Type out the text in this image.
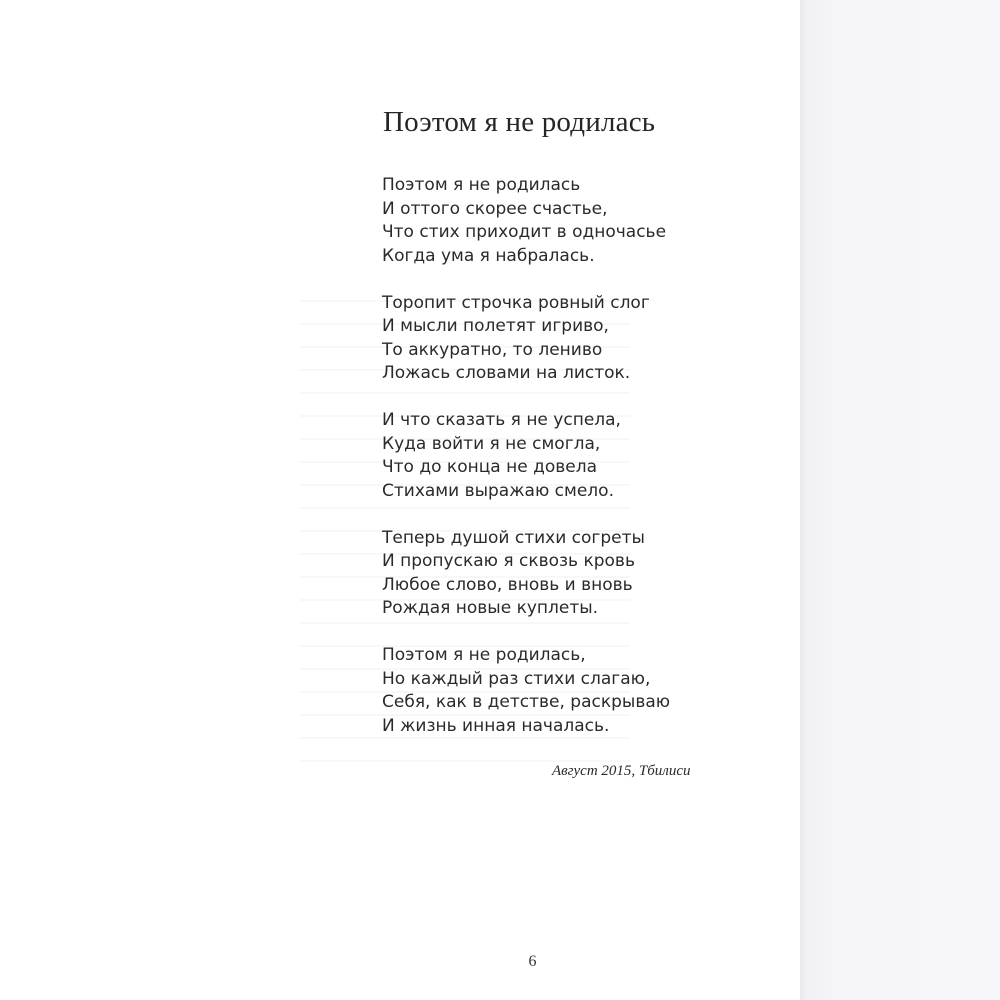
Поэтом я не родилась
Поэтом я не родилась
И оттого скорее счастье,
Что стих приходит в одночасье
Когда ума я набралась.
Торопит строчка ровный слог
И мысли полетят игриво,
То аккуратно, то лениво
Ложась словами на листок.
И что сказать я не успела,
Куда войти я не смогла,
Что до конца не довела
Стихами выражаю смело.
Теперь душой стихи согреты
И пропускаю я сквозь кровь
Любое слово, вновь и вновь
Рождая новые куплеты.
Поэтом я не родилась,
Но каждый раз стихи слагаю,
Себя, как в детстве, раскрываю
И жизнь инная началась.

Август 2015, Тбилиси

6
